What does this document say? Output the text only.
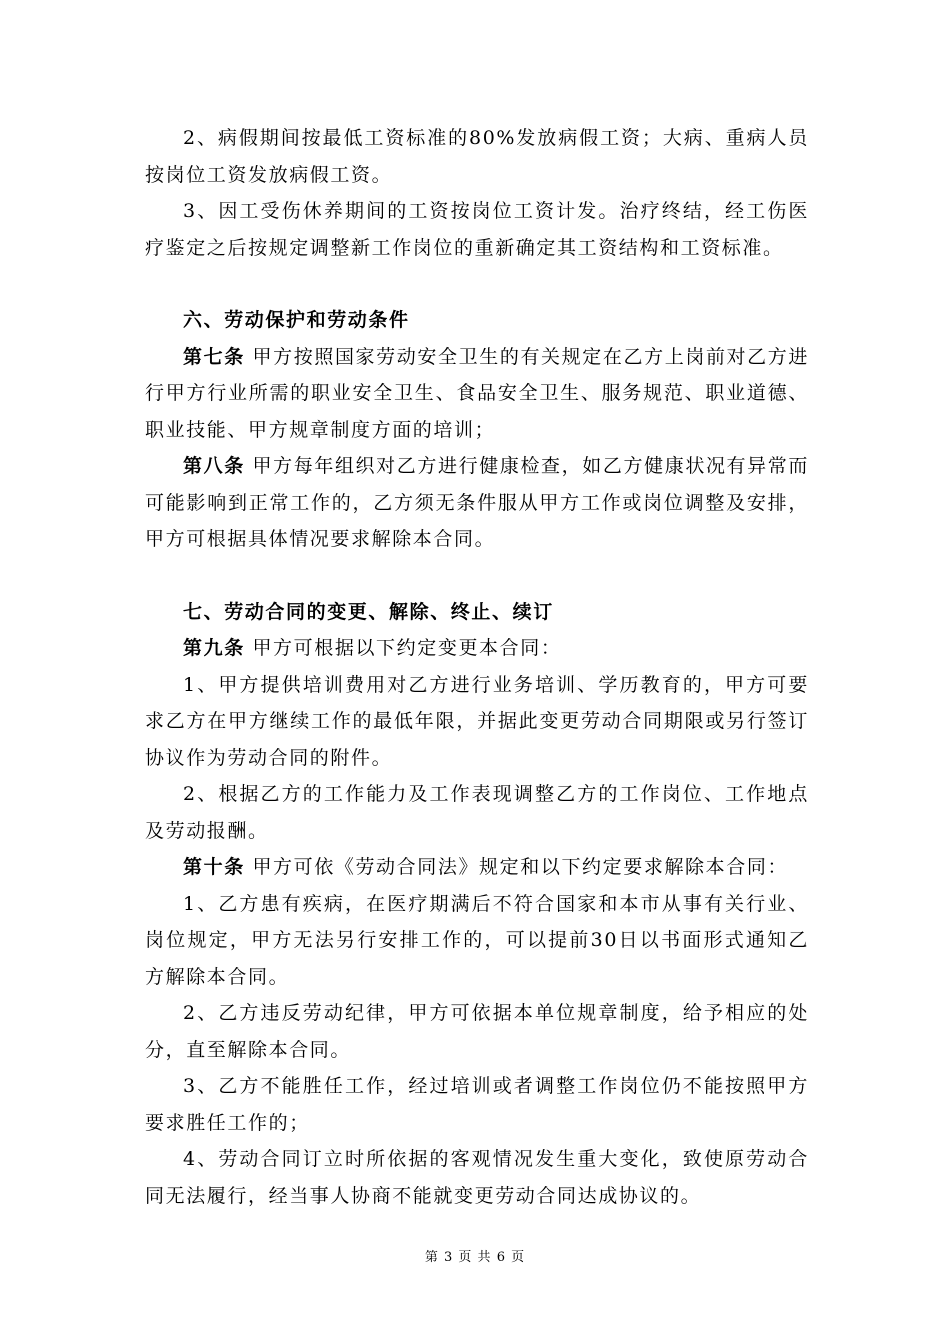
2、病假期间按最低工资标准的80%发放病假工资；大病、重病人员按岗位工资发放病假工资。

3、因工受伤休养期间的工资按岗位工资计发。治疗终结，经工伤医疗鉴定之后按规定调整新工作岗位的重新确定其工资结构和工资标准。

六、劳动保护和劳动条件

第七条 甲方按照国家劳动安全卫生的有关规定在乙方上岗前对乙方进行甲方行业所需的职业安全卫生、食品安全卫生、服务规范、职业道德、职业技能、甲方规章制度方面的培训；

第八条 甲方每年组织对乙方进行健康检查，如乙方健康状况有异常而可能影响到正常工作的，乙方须无条件服从甲方工作或岗位调整及安排，甲方可根据具体情况要求解除本合同。

七、劳动合同的变更、解除、终止、续订

第九条 甲方可根据以下约定变更本合同：

1、甲方提供培训费用对乙方进行业务培训、学历教育的，甲方可要求乙方在甲方继续工作的最低年限，并据此变更劳动合同期限或另行签订协议作为劳动合同的附件。

2、根据乙方的工作能力及工作表现调整乙方的工作岗位、工作地点及劳动报酬。

第十条 甲方可依《劳动合同法》规定和以下约定要求解除本合同：

1、乙方患有疾病，在医疗期满后不符合国家和本市从事有关行业、岗位规定，甲方无法另行安排工作的，可以提前30日以书面形式通知乙方解除本合同。

2、乙方违反劳动纪律，甲方可依据本单位规章制度，给予相应的处分，直至解除本合同。

3、乙方不能胜任工作，经过培训或者调整工作岗位仍不能按照甲方要求胜任工作的；

4、劳动合同订立时所依据的客观情况发生重大变化，致使原劳动合同无法履行，经当事人协商不能就变更劳动合同达成协议的。

第 3 页 共 6 页
